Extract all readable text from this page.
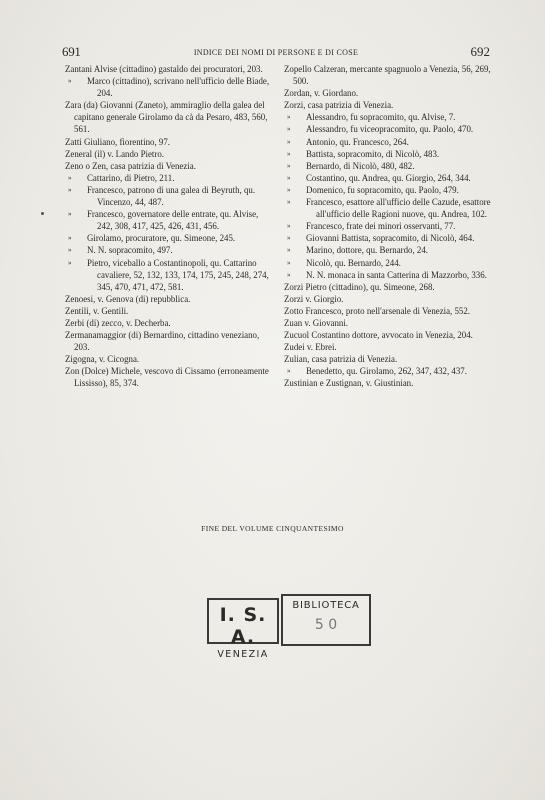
691	INDICE DEI NOMI DI PERSONE E DI COSE	692
Zantani Alvise (cittadino) gastaldo dei procuratori, 203.
» Marco (cittadino), scrivano nell'ufficio delle Biade, 204.
Zara (da) Giovanni (Zaneto), ammiraglio della galea del capitano generale Girolamo da cà da Pesaro, 483, 560, 561.
Zatti Giuliano, fiorentino, 97.
Zeneral (il) v. Lando Pietro.
Zeno o Zen, casa patrizia di Venezia.
» Cattarino, di Pietro, 211.
» Francesco, patrono di una galea di Beyruth, qu. Vincenzo, 44, 487.
» Francesco, governatore delle entrate, qu. Alvise, 242, 308, 417, 425, 426, 431, 456.
» Girolamo, procuratore, qu. Simeone, 245.
» N. N. sopracomito, 497.
» Pietro, viceballo a Costantinopoli, qu. Cattarino cavaliere, 52, 132, 133, 174, 175, 245, 248, 274, 345, 470, 471, 472, 581.
Zenoesi, v. Genova (di) repubblica.
Zentili, v. Gentili.
Zerbi (di) zecco, v. Decherba.
Zermanamaggior (di) Bernardino, cittadino veneziano, 203.
Zigogna, v. Cicogna.
Zon (Dolce) Michele, vescovo di Cissamo (erroneamente Lississo), 85, 374.
Zopello Calzeran, mercante spagnuolo a Venezia, 56, 269, 500.
Zordan, v. Giordano.
Zorzi, casa patrizia di Venezia.
» Alessandro, fu sopracomito, qu. Alvise, 7.
» Alessandro, fu viceopracomito, qu. Paolo, 470.
» Antonio, qu. Francesco, 264.
» Battista, sopracomito, di Nicolò, 483.
» Bernardo, di Nicolò, 480, 482.
» Costantino, qu. Andrea, qu. Giorgio, 264, 344.
» Domenico, fu sopracomito, qu. Paolo, 479.
» Francesco, esattore all'ufficio delle Cazude, esattore all'ufficio delle Ragioni nuove, qu. Andrea, 102.
» Francesco, frate dei minori osservanti, 77.
» Giovanni Battista, sopracomito, di Nicolò, 464.
» Marino, dottore, qu. Bernardo, 24.
» Nicolò, qu. Bernardo, 244.
» N. N. monaca in santa Catterina di Mazzorbo, 336.
Zorzi Pietro (cittadino), qu. Simeone, 268.
Zorzi v. Giorgio.
Zotto Francesco, proto nell'arsenale di Venezia, 552.
Zuan v. Giovanni.
Zucuol Costantino dottore, avvocato in Venezia, 204.
Zudei v. Ebrei.
Zulian, casa patrizia di Venezia.
» Benedetto, qu. Girolamo, 262, 347, 432, 437.
Zustinian e Zustignan, v. Giustinian.
FINE DEL VOLUME CINQUANTESIMO
I. S. A.
VENEZIA
BIBLIOTECA
5 0
